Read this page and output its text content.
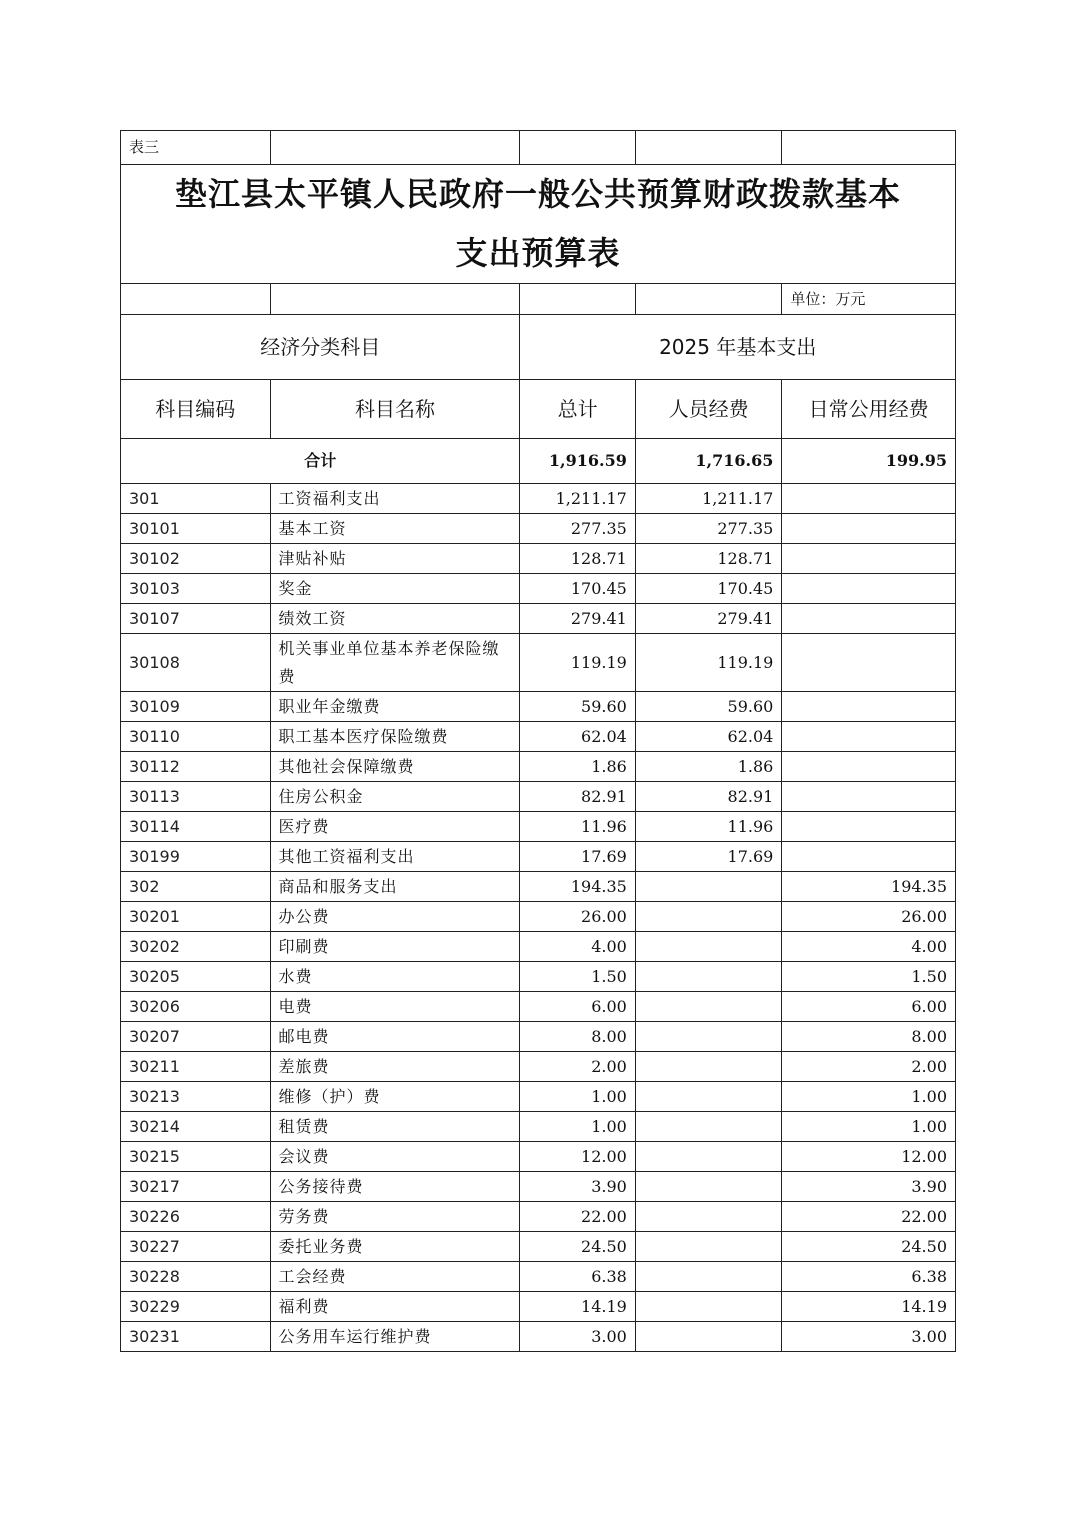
表三				
垫江县太平镇人民政府一般公共预算财政拨款基本
支出预算表				
				单位：万元
经济分类科目		2025 年基本支出		
科目编码	科目名称	总计	人员经费	日常公用经费
合计		1,916.59	1,716.65	199.95
301	工资福利支出	1,211.17	1,211.17	
30101	基本工资	277.35	277.35	
30102	津贴补贴	128.71	128.71	
30103	奖金	170.45	170.45	
30107	绩效工资	279.41	279.41	
30108	机关事业单位基本养老保险缴费	119.19	119.19	
30109	职业年金缴费	59.60	59.60	
30110	职工基本医疗保险缴费	62.04	62.04	
30112	其他社会保障缴费	1.86	1.86	
30113	住房公积金	82.91	82.91	
30114	医疗费	11.96	11.96	
30199	其他工资福利支出	17.69	17.69	
302	商品和服务支出	194.35		194.35
30201	办公费	26.00		26.00
30202	印刷费	4.00		4.00
30205	水费	1.50		1.50
30206	电费	6.00		6.00
30207	邮电费	8.00		8.00
30211	差旅费	2.00		2.00
30213	维修（护）费	1.00		1.00
30214	租赁费	1.00		1.00
30215	会议费	12.00		12.00
30217	公务接待费	3.90		3.90
30226	劳务费	22.00		22.00
30227	委托业务费	24.50		24.50
30228	工会经费	6.38		6.38
30229	福利费	14.19		14.19
30231	公务用车运行维护费	3.00		3.00
